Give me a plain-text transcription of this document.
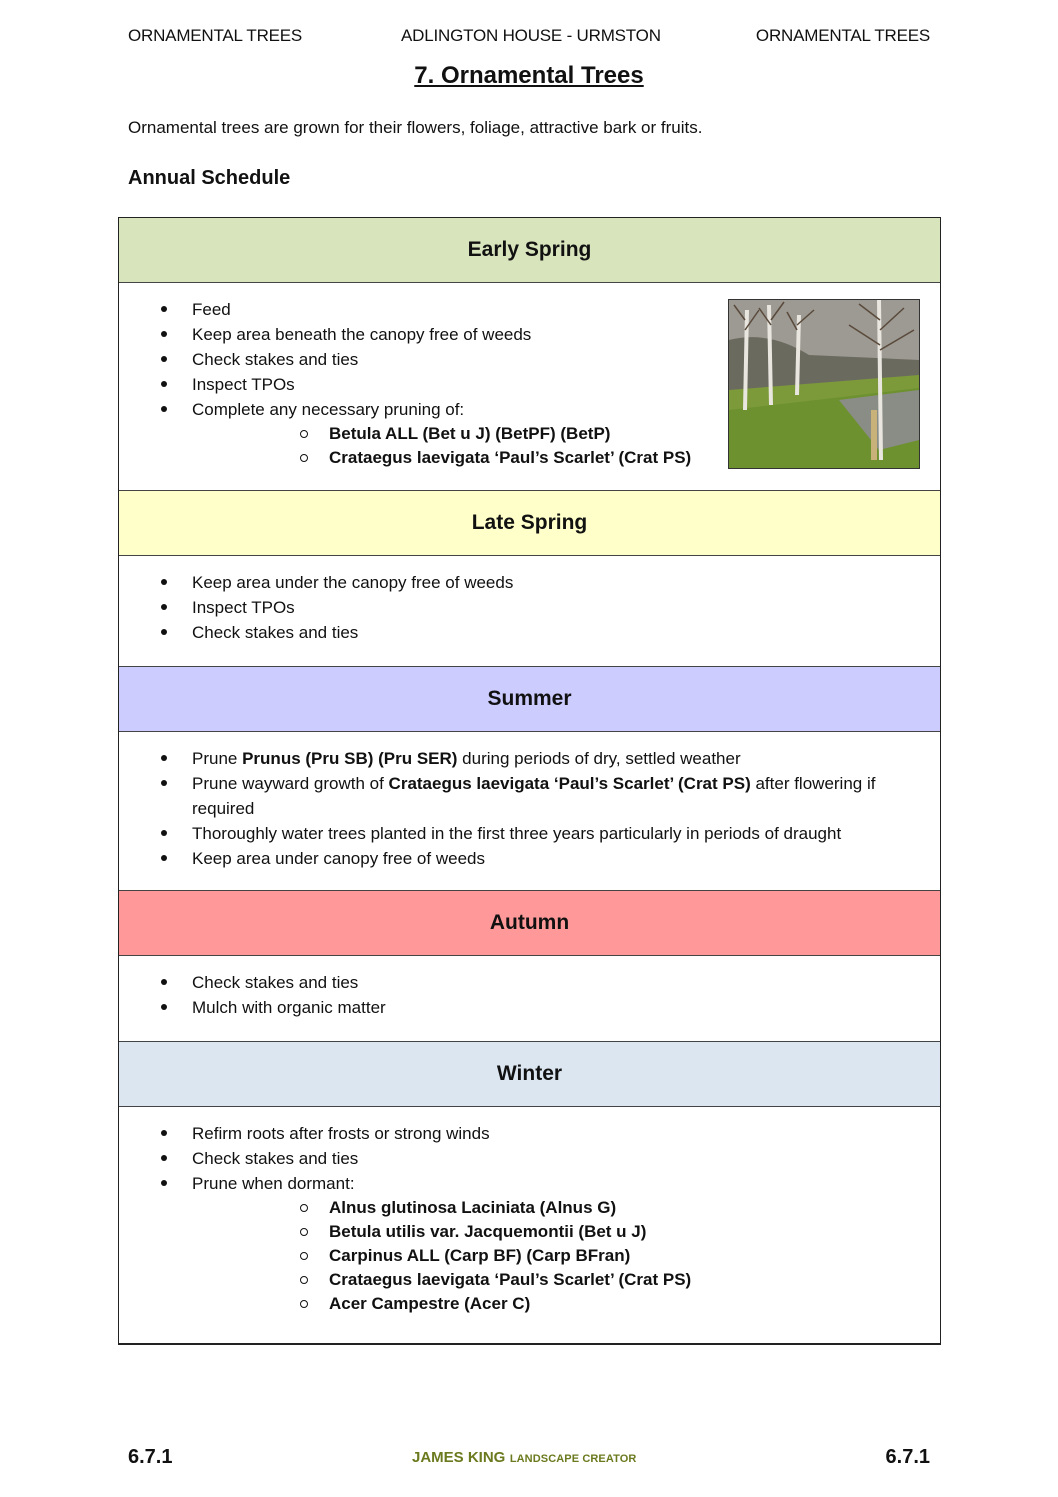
ORNAMENTAL TREES	ADLINGTON HOUSE - URMSTON	ORNAMENTAL TREES
7. Ornamental Trees
Ornamental trees are grown for their flowers, foliage, attractive bark or fruits.
Annual Schedule
Early Spring
Feed
Keep area beneath the canopy free of weeds
Check stakes and ties
Inspect TPOs
Complete any necessary pruning of:
Betula ALL (Bet u J) (BetPF) (BetP)
Crataegus laevigata ‘Paul’s Scarlet’ (Crat PS)
Late Spring
Keep area under the canopy free of weeds
Inspect TPOs
Check stakes and ties
Summer
Prune Prunus (Pru SB) (Pru SER) during periods of dry, settled weather
Prune wayward growth of Crataegus laevigata ‘Paul’s Scarlet’ (Crat PS) after flowering if required
Thoroughly water trees planted in the first three years particularly in periods of draught
Keep area under canopy free of weeds
Autumn
Check stakes and ties
Mulch with organic matter
Winter
Refirm roots after frosts or strong winds
Check stakes and ties
Prune when dormant:
Alnus glutinosa Laciniata (Alnus G)
Betula utilis var. Jacquemontii (Bet u J)
Carpinus ALL (Carp BF) (Carp BFran)
Crataegus laevigata ‘Paul’s Scarlet’ (Crat PS)
Acer Campestre (Acer C)
6.7.1	JAMES KING LANDSCAPE CREATOR	6.7.1
